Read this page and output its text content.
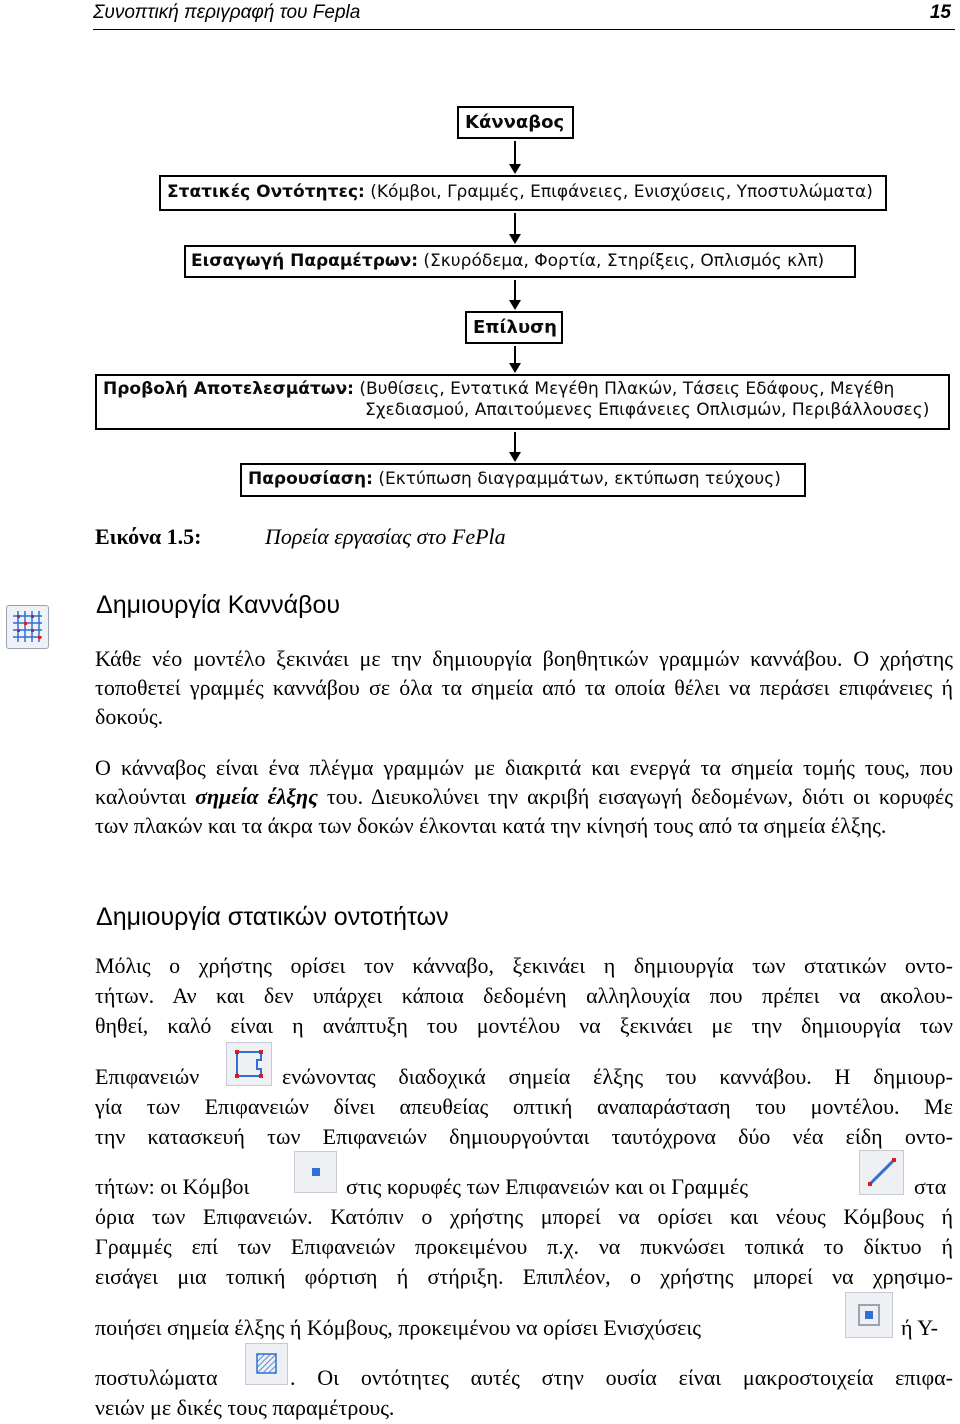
Συνοπτική περιγραφή του Fepla	15
Κάνναβος
Στατικές Οντότητες: (Κόμβοι, Γραμμές, Επιφάνειες, Ενισχύσεις, Υποστυλώματα)
Εισαγωγή Παραμέτρων: (Σκυρόδεμα, Φορτία, Στηρίξεις, Οπλισμός κλπ)
Επίλυση
Προβολή Αποτελεσμάτων: (Βυθίσεις, Εντατικά Μεγέθη Πλακών, Τάσεις Εδάφους, Μεγέθη
Σχεδιασμού, Απαιτούμενες Επιφάνειες Οπλισμών, Περιβάλλουσες)
Παρουσίαση: (Εκτύπωση διαγραμμάτων, εκτύπωση τεύχους)
Εικόνα 1.5:	Πορεία εργασίας στο FePla
Δημιουργία Καννάβου
Κάθε νέο μοντέλο ξεκινάει με την δημιουργία βοηθητικών γραμμών καννάβου. Ο χρήστης τοποθετεί γραμμές καννάβου σε όλα τα σημεία από τα οποία θέλει να περάσει επιφάνειες ή δοκούς.
Ο κάνναβος είναι ένα πλέγμα γραμμών με διακριτά και ενεργά τα σημεία τομής τους, που καλούνται σημεία έλξης του. Διευκολύνει την ακριβή εισαγωγή δεδομένων, διότι οι κορυφές των πλακών και τα άκρα των δοκών έλκονται κατά την κίνησή τους από τα σημεία έλξης.
Δημιουργία στατικών οντοτήτων
Μόλις ο χρήστης ορίσει τον κάνναβο, ξεκινάει η δημιουργία των στατικών οντο-
τήτων. Αν και δεν υπάρχει κάποια δεδομένη αλληλουχία που πρέπει να ακολου-
θηθεί, καλό είναι η ανάπτυξη του μοντέλου να ξεκινάει με την δημιουργία των
Επιφανειών	ενώνοντας διαδοχικά σημεία έλξης του καννάβου. Η δημιουρ-
γία των Επιφανειών δίνει απευθείας οπτική αναπαράσταση του μοντέλου. Με
την κατασκευή των Επιφανειών δημιουργούνται ταυτόχρονα δύο νέα είδη οντο-
τήτων: οι Κόμβοι	στις κορυφές των Επιφανειών και οι Γραμμές	στα
όρια των Επιφανειών. Κατόπιν ο χρήστης μπορεί να ορίσει και νέους Κόμβους ή
Γραμμές επί των Επιφανειών προκειμένου π.χ. να πυκνώσει τοπικά το δίκτυο ή
εισάγει μια τοπική φόρτιση ή στήριξη. Επιπλέον, ο χρήστης μπορεί να χρησιμο-
ποιήσει σημεία έλξης ή Κόμβους, προκειμένου να ορίσει Ενισχύσεις	ή Υ-
ποστυλώματα	. Οι οντότητες αυτές στην ουσία είναι μακροστοιχεία επιφα-
νειών με δικές τους παραμέτρους.
